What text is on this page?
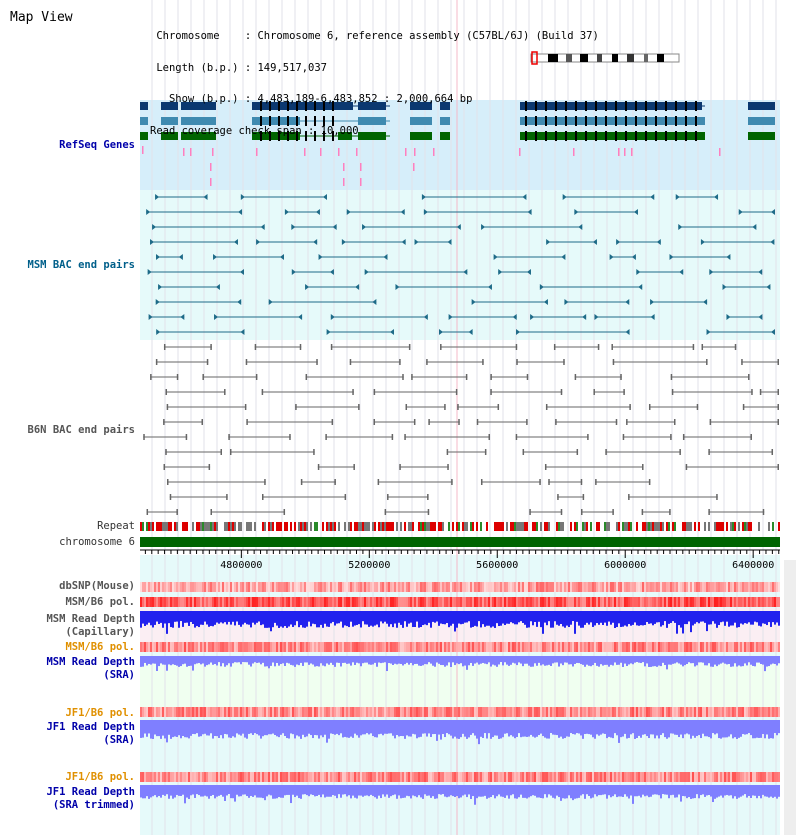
4800000	5200000	5600000	6000000	6400000
Map View

Chromosome    : Chromosome 6, reference assembly (C57BL/6J) (Build 37)

Length (b.p.) : 149,517,037

Show (b.p.) : 4,483,189-6,483,852 : 2,000,664 bp

Read coverage check span : 10,000

RefSeq Genes
MSM BAC end pairs
B6N BAC end pairs
Repeat
chromosome 6
dbSNP(Mouse)
MSM/B6 pol.
MSM Read Depth
(Capillary)
MSM/B6 pol.
MSM Read Depth
(SRA)
JF1/B6 pol.
JF1 Read Depth
(SRA)
JF1/B6 pol.
JF1 Read Depth
(SRA trimmed)
